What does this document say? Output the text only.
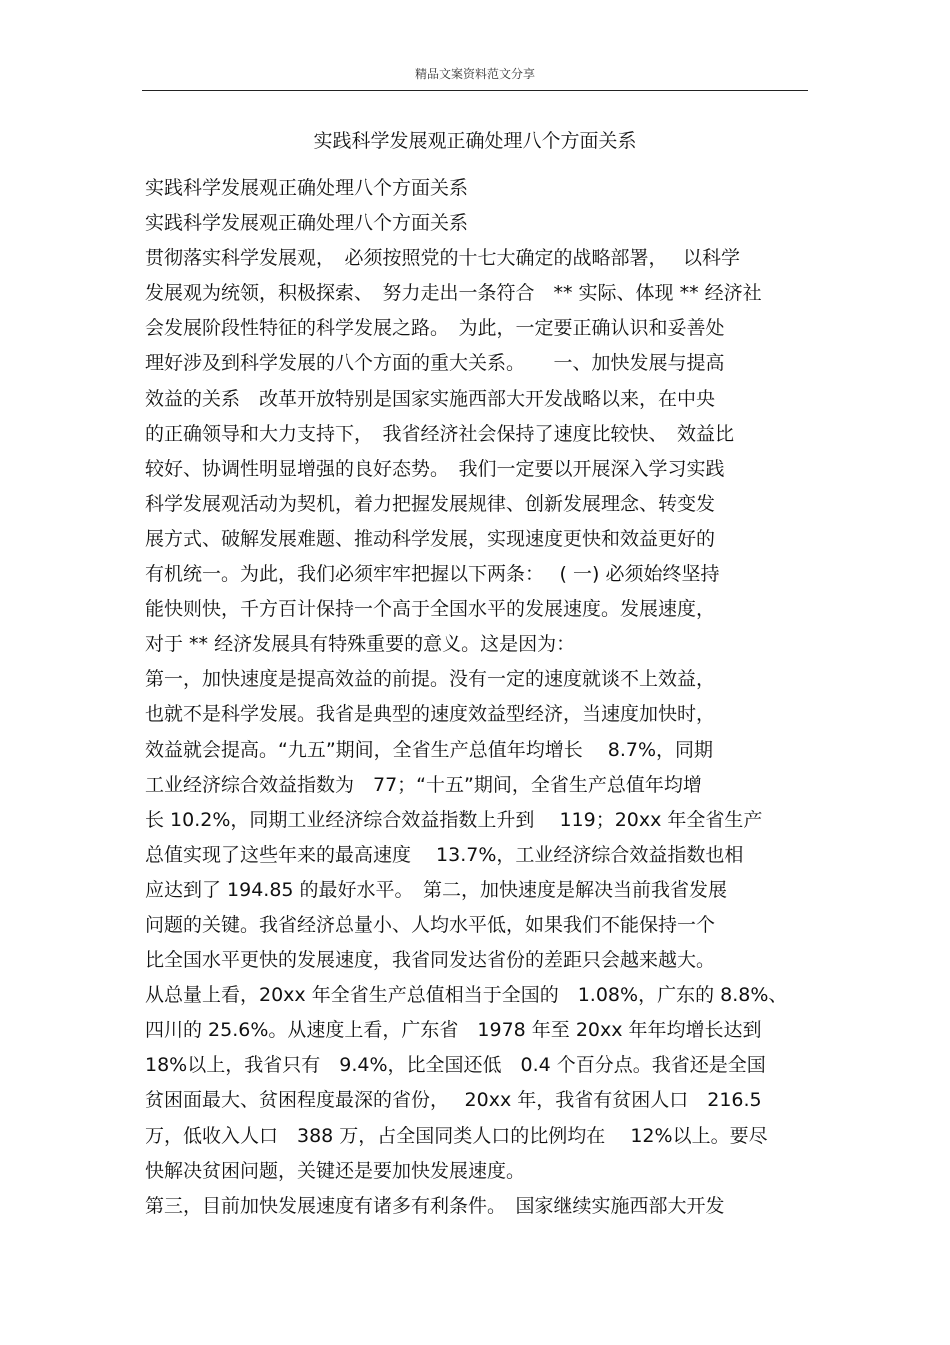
精品文案资料范文分享
实践科学发展观正确处理八个方面关系
实践科学发展观正确处理八个方面关系
实践科学发展观正确处理八个方面关系
贯彻落实科学发展观，　必须按照党的十七大确定的战略部署，　 以科学
发展观为统领，积极探索、　努力走出一条符合　** 实际、体现 ** 经济社
会发展阶段性特征的科学发展之路。　为此，一定要正确认识和妥善处
理好涉及到科学发展的八个方面的重大关系。　　一、加快发展与提高
效益的关系　改革开放特别是国家实施西部大开发战略以来，在中央
的正确领导和大力支持下，　我省经济社会保持了速度比较快、　效益比
较好、协调性明显增强的良好态势。　我们一定要以开展深入学习实践
科学发展观活动为契机，着力把握发展规律、创新发展理念、转变发
展方式、破解发展难题、推动科学发展，实现速度更快和效益更好的
有机统一。为此，我们必须牢牢把握以下两条：　 ( 一) 必须始终坚持
能快则快，千方百计保持一个高于全国水平的发展速度。发展速度，
对于 ** 经济发展具有特殊重要的意义。这是因为：
第一，加快速度是提高效益的前提。没有一定的速度就谈不上效益，
也就不是科学发展。我省是典型的速度效益型经济，当速度加快时，
效益就会提高。“九五”期间，全省生产总值年均增长　 8.7%，同期
工业经济综合效益指数为　77；“十五”期间，全省生产总值年均增
长 10.2%，同期工业经济综合效益指数上升到　 119；20xx 年全省生产
总值实现了这些年来的最高速度　 13.7%，工业经济综合效益指数也相
应达到了 194.85 的最好水平。　第二，加快速度是解决当前我省发展
问题的关键。我省经济总量小、人均水平低，如果我们不能保持一个
比全国水平更快的发展速度，我省同发达省份的差距只会越来越大。
从总量上看，20xx 年全省生产总值相当于全国的　1.08%，广东的 8.8%、
四川的 25.6%。从速度上看，广东省　1978 年至 20xx 年年均增长达到
18%以上，我省只有　9.4%，比全国还低　0.4 个百分点。我省还是全国
贫困面最大、贫困程度最深的省份，　 20xx 年，我省有贫困人口　216.5
万，低收入人口　388 万，占全国同类人口的比例均在　 12%以上。要尽
快解决贫困问题，关键还是要加快发展速度。
第三，目前加快发展速度有诸多有利条件。　国家继续实施西部大开发
